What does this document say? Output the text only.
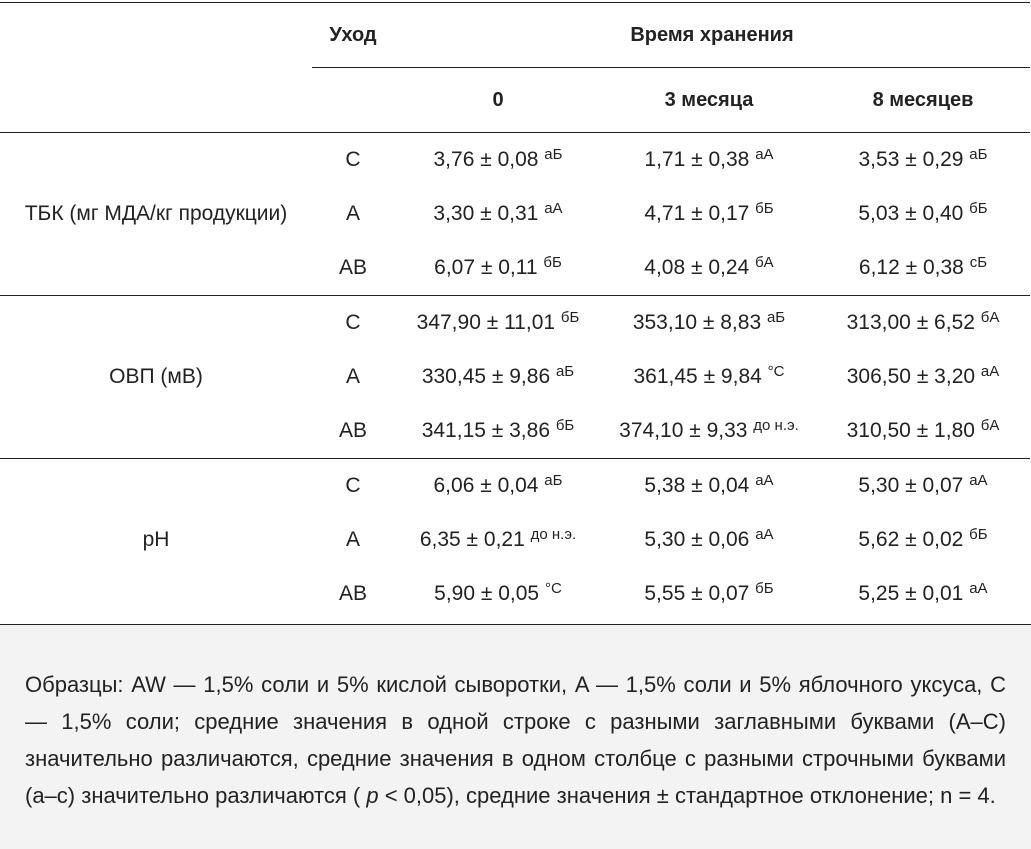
	Уход	Время хранения		
		0	3 месяца	8 месяцев
ТБК (мг МДА/кг продукции)	С	3,76 ± 0,08 $^{аБ}$	1,71 ± 0,38 $^{аА}$	3,53 ± 0,29 $^{аБ}$
	А	3,30 ± 0,31 $^{аА}$	4,71 ± 0,17 $^{бБ}$	5,03 ± 0,40 $^{бБ}$
	АВ	6,07 ± 0,11 $^{бБ}$	4,08 ± 0,24 $^{бА}$	6,12 ± 0,38 $^{сБ}$
ОВП (мВ)	С	347,90 ± 11,01 $^{бБ}$	353,10 ± 8,83 $^{аБ}$	313,00 ± 6,52 $^{бА}$
	А	330,45 ± 9,86 $^{аБ}$	361,45 ± 9,84 $^{^\circ С}$	306,50 ± 3,20 $^{аА}$
	АВ	341,15 ± 3,86 $^{бБ}$	374,10 ± 9,33 $^{до н.э.}$	310,50 ± 1,80 $^{бА}$
pH	С	6,06 ± 0,04 $^{аБ}$	5,38 ± 0,04 $^{аА}$	5,30 ± 0,07 $^{аА}$
	А	6,35 ± 0,21 $^{до н.э.}$	5,30 ± 0,06 $^{аА}$	5,62 ± 0,02 $^{бБ}$
	АВ	5,90 ± 0,05 $^{^\circ С}$	5,55 ± 0,07 $^{бБ}$	5,25 ± 0,01 $^{аА}$
Образцы: AW — 1,5% соли и 5% кислой сыворотки, A — 1,5% соли и 5% яблочного уксуса, C — 1,5% соли; средние значения в одной строке с разными заглавными буквами (A–C) значительно различаются, средние значения в одном столбце с разными строчными буквами (a–c) значительно различаются ( p < 0,05), средние значения ± стандартное отклонение; n = 4.
